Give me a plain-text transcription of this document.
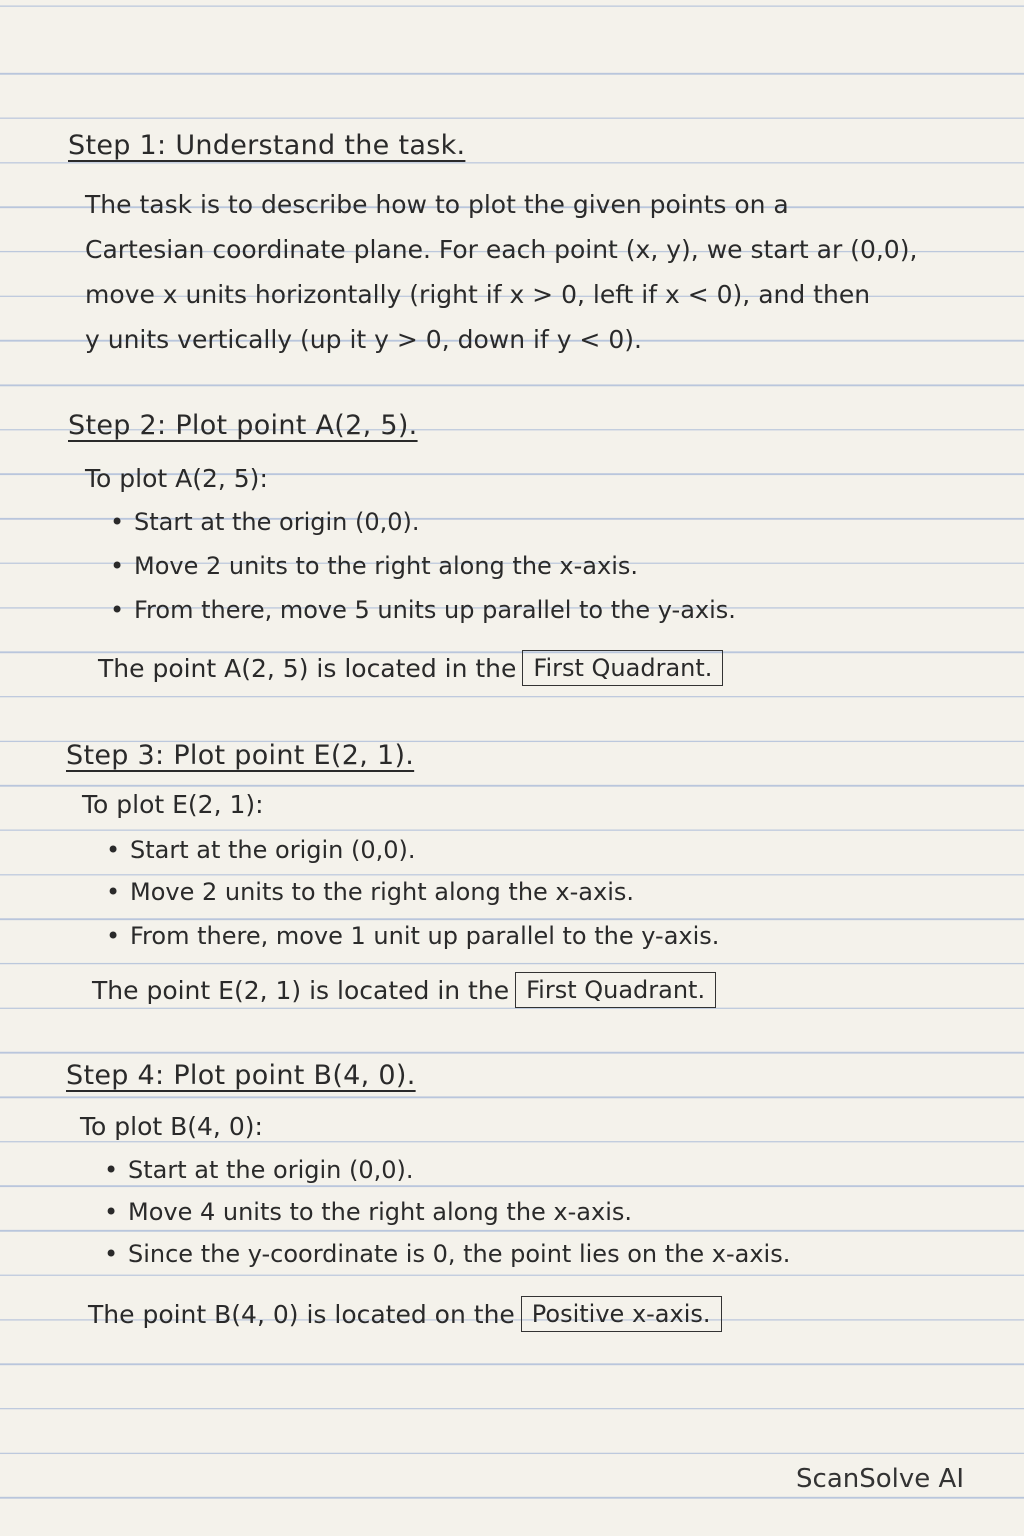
Step 1: Understand the task.
The task is to describe how to plot the given points on a
Cartesian coordinate plane. For each point (x, y), we start ar (0,0),
move x units horizontally (right if x > 0, left if x < 0), and then
y units vertically (up it y > 0, down if y < 0).
Step 2: Plot point A(2, 5).
To plot A(2, 5):
• Start at the origin (0,0).
• Move 2 units to the right along the x-axis.
• From there, move 5 units up parallel to the y-axis.
The point A(2, 5) is located in the First Quadrant.
Step 3: Plot point E(2, 1).
To plot E(2, 1):
• Start at the origin (0,0).
• Move 2 units to the right along the x-axis.
• From there, move 1 unit up parallel to the y-axis.
The point E(2, 1) is located in the First Quadrant.
Step 4: Plot point B(4, 0).
To plot B(4, 0):
• Start at the origin (0,0).
• Move 4 units to the right along the x-axis.
• Since the y-coordinate is 0, the point lies on the x-axis.
The point B(4, 0) is located on the Positive x-axis.
ScanSolve AI
